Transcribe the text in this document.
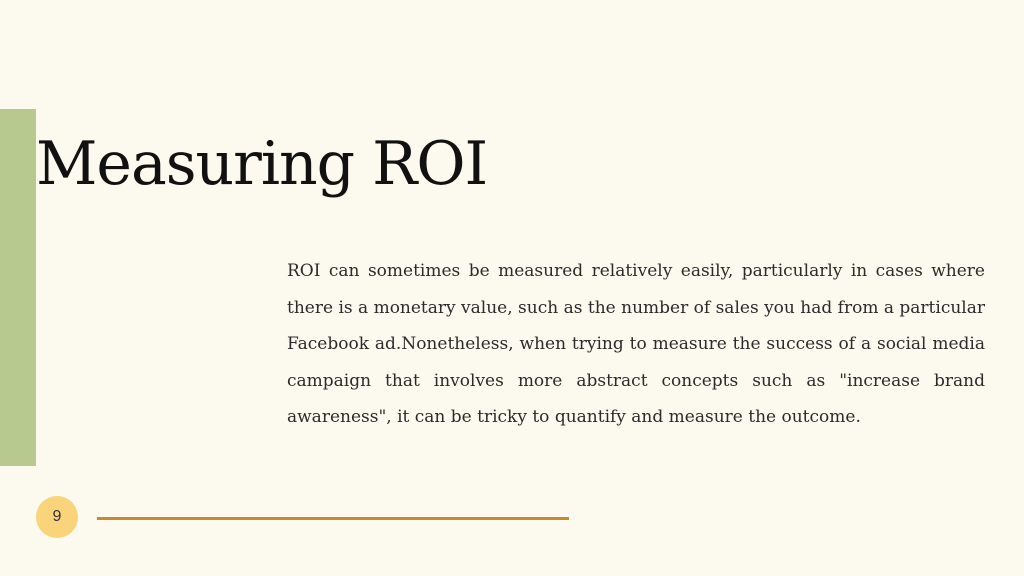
Measuring ROI

ROI can sometimes be measured relatively easily, particularly in cases where there is a monetary value, such as the number of sales you had from a particular Facebook ad.Nonetheless, when trying to measure the success of a social media campaign that involves more abstract concepts such as "increase brand awareness", it can be tricky to quantify and measure the outcome.

9
